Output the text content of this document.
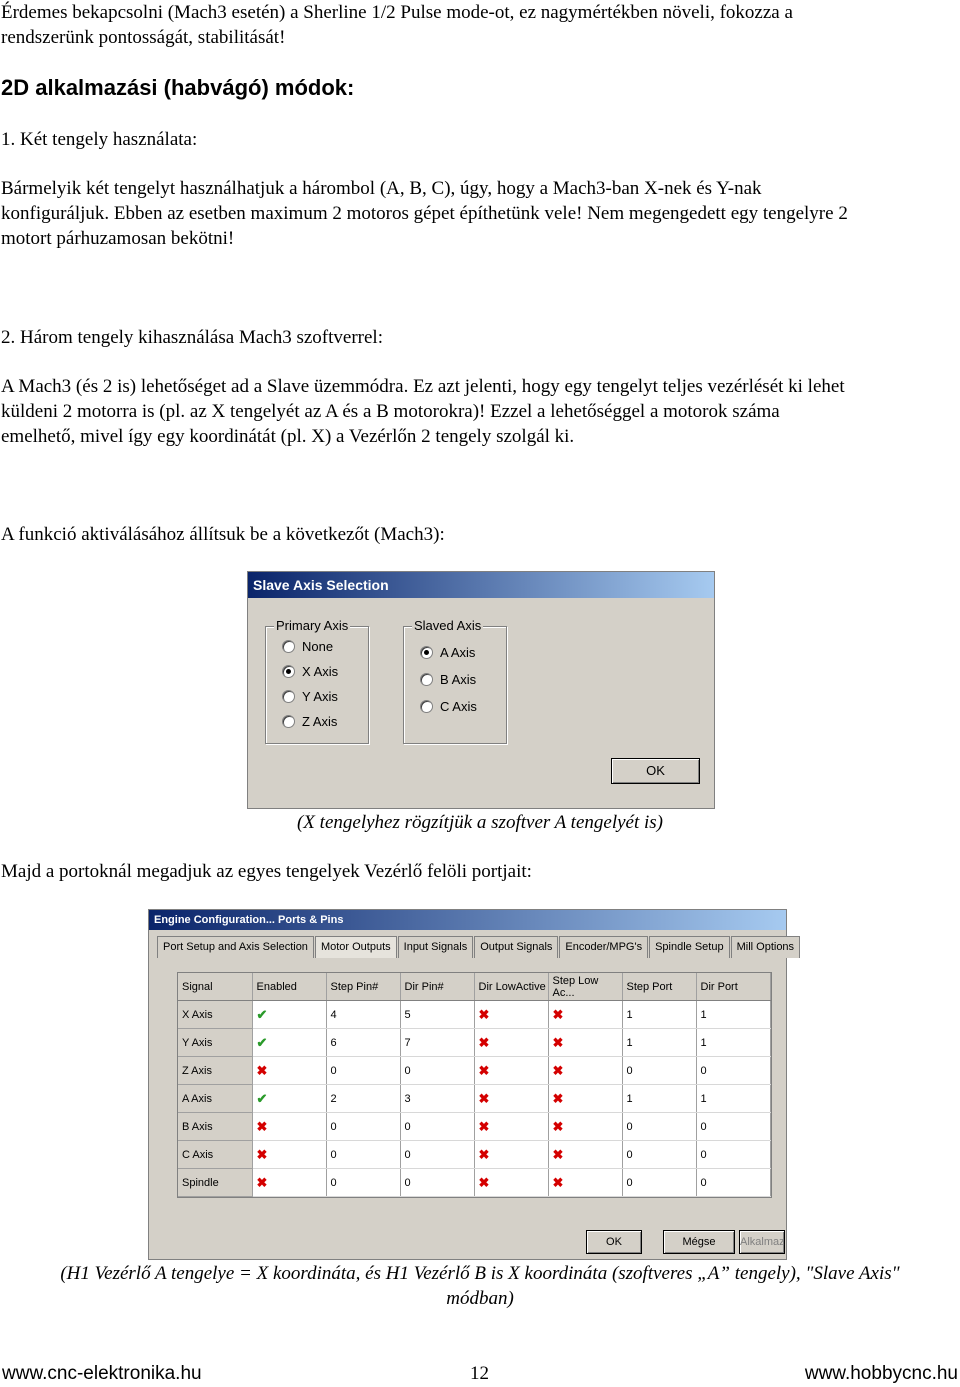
Érdemes bekapcsolni (Mach3 esetén) a Sherline 1/2 Pulse mode-ot, ez nagymértékben növeli, fokozza a

rendszerünk pontosságát, stabilitását!

2D alkalmazási (habvágó) módok:

1. Két tengely használata:

Bármelyik két tengelyt használhatjuk a hárombol (A, B, C), úgy, hogy a Mach3-ban X-nek és Y-nak

konfiguráljuk. Ebben az esetben maximum 2 motoros gépet építhetünk vele! Nem megengedett egy tengelyre 2

motort párhuzamosan bekötni!

2. Három tengely kihasználása Mach3 szoftverrel:

A Mach3 (és 2 is) lehetőséget ad a Slave üzemmódra. Ez azt jelenti, hogy egy tengelyt teljes vezérlését ki lehet

küldeni 2 motorra is (pl. az X tengelyét az A és a B motorokra)! Ezzel a lehetőséggel a motorok száma

emelhető, mivel így egy koordinátát (pl. X) a Vezérlőn 2 tengely szolgál ki.

A funkció aktiválásához állítsuk be a következőt (Mach3):

Slave Axis Selection
Primary Axis
None
X Axis
Y Axis
Z Axis
Slaved Axis
A Axis
B Axis
C Axis
OK
(X tengelyhez rögzítjük a szoftver A tengelyét is)

Majd a portoknál megadjuk az egyes tengelyek Vezérlő felöli portjait:

Engine Configuration... Ports & Pins
Port Setup and Axis Selection	Motor Outputs	Input Signals	Output Signals	Encoder/MPG's	Spindle Setup	Mill Options
Signal	Enabled	Step Pin#	Dir Pin#	Dir LowActive	Step Low Ac...	Step Port	Dir Port
X Axis	✔	4	5	✖	✖	1	1
Y Axis	✔	6	7	✖	✖	1	1
Z Axis	✖	0	0	✖	✖	0	0
A Axis	✔	2	3	✖	✖	1	1
B Axis	✖	0	0	✖	✖	0	0
C Axis	✖	0	0	✖	✖	0	0
Spindle	✖	0	0	✖	✖	0	0
OK	Mégse	Alkalmaz
(H1 Vezérlő A tengelye = X koordináta, és H1 Vezérlő B is X koordináta (szoftveres „A” tengely), "Slave Axis"
módban)
www.cnc-elektronika.hu	12	www.hobbycnc.hu
